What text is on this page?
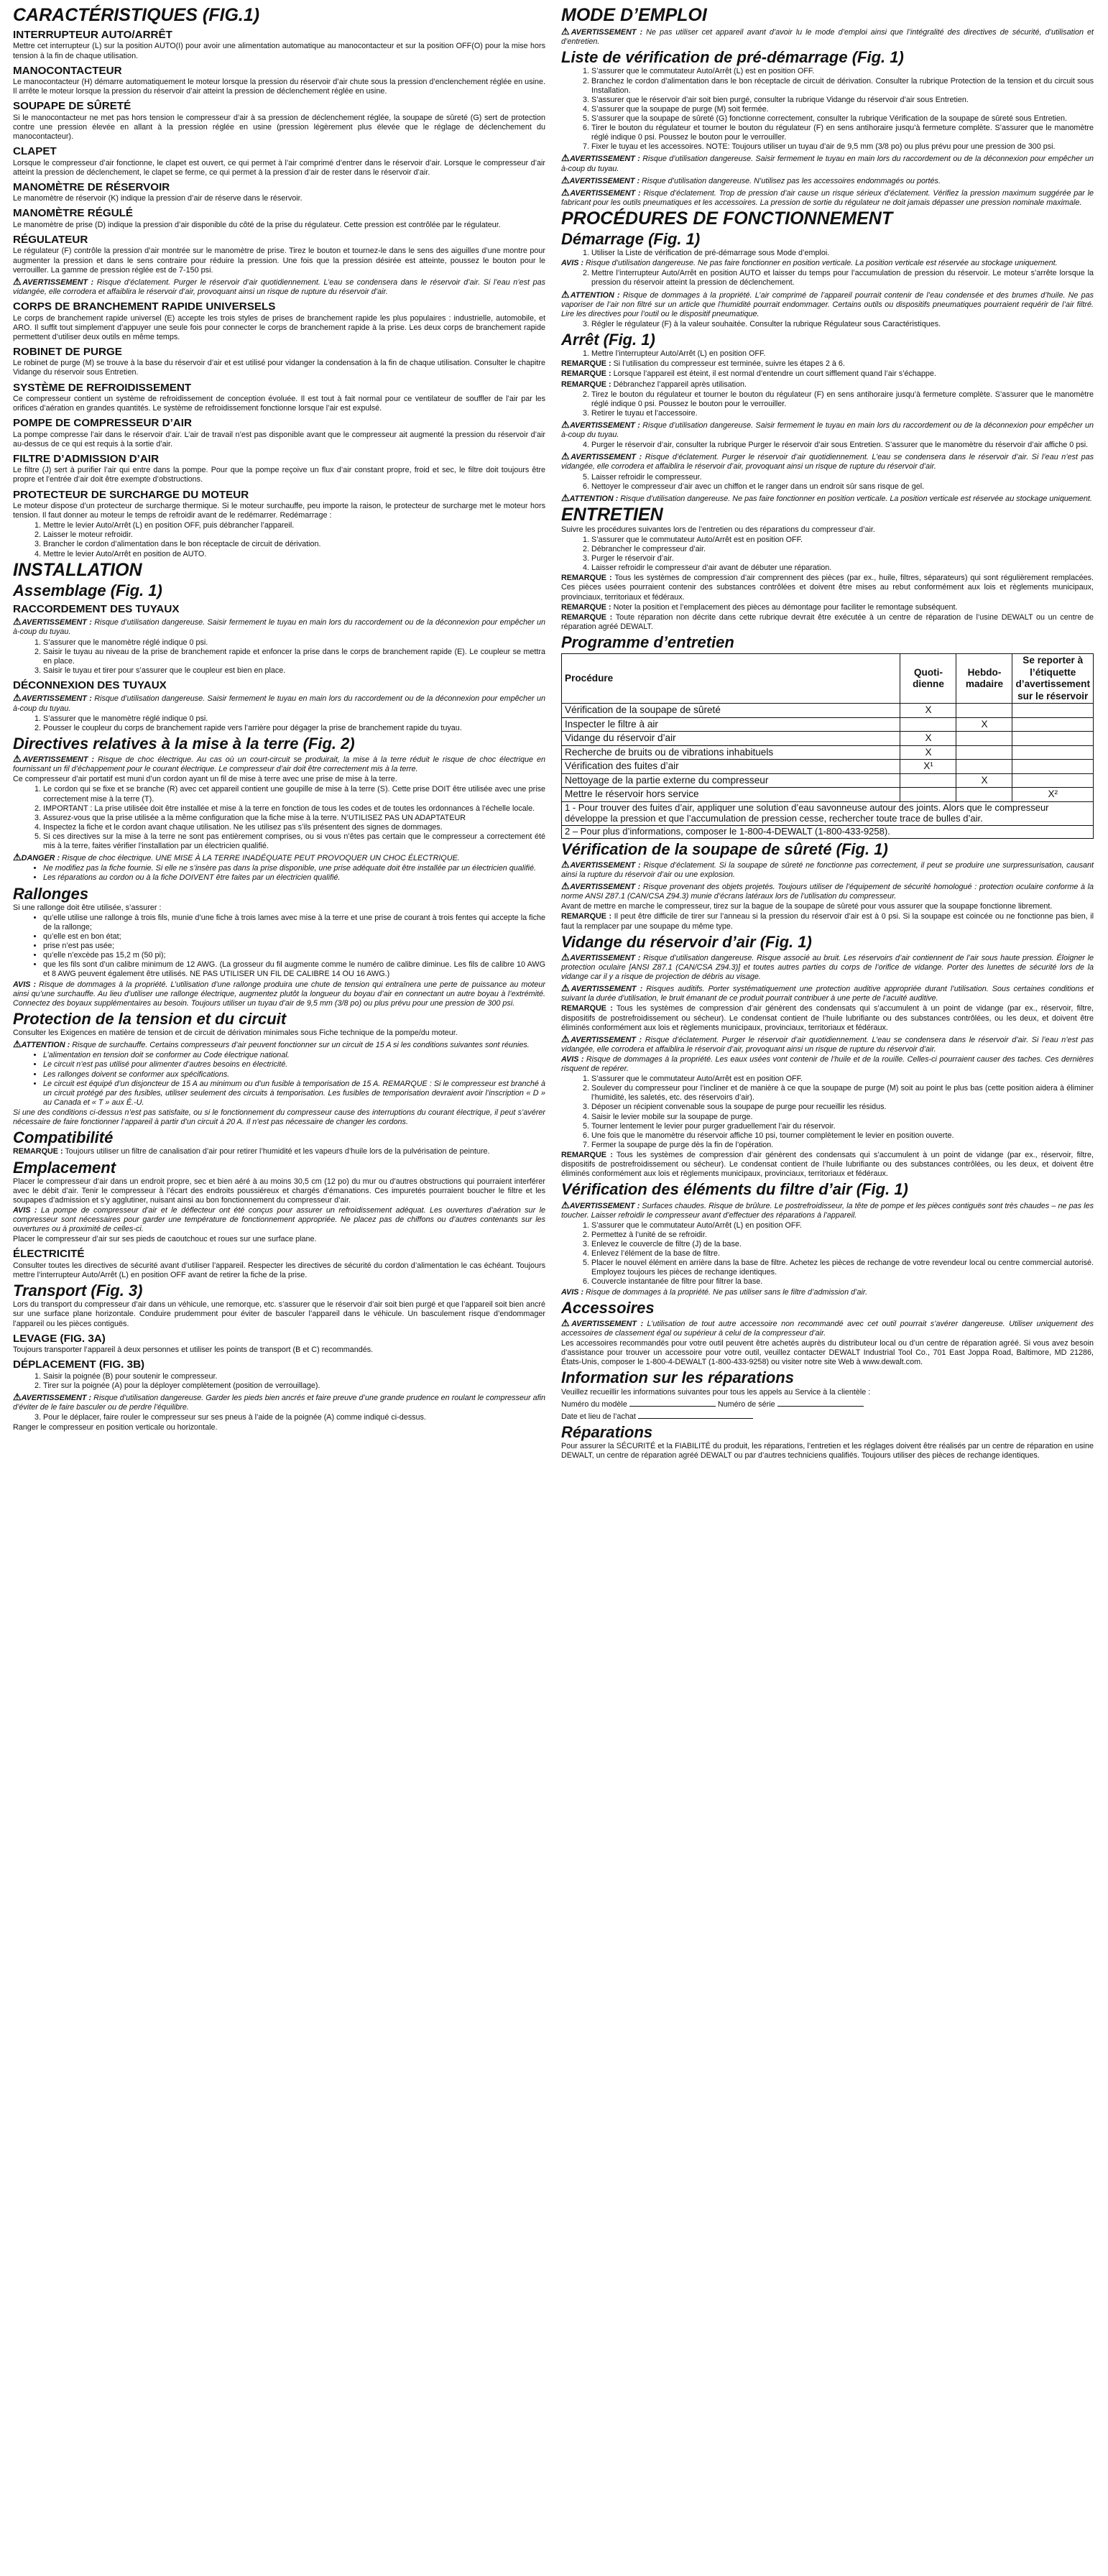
CARACTÉRISTIQUES (FIG.1)
INTERRUPTEUR AUTO/ARRÊT

Mettre cet interrupteur (L) sur la position AUTO(I) pour avoir une alimentation automatique au manocontacteur et sur la position OFF(O) pour la mise hors tension à la fin de chaque utilisation.

MANOCONTACTEUR

Le manocontacteur (H) démarre automatiquement le moteur lorsque la pression du réservoir d’air chute sous la pression d’enclenchement réglée en usine. Il arrête le moteur lorsque la pression du réservoir d’air atteint la pression de déclenchement réglée en usine.

SOUPAPE DE SÛRETÉ

Si le manocontacteur ne met pas hors tension le compresseur d’air à sa pression de déclenchement réglée, la soupape de sûreté (G) sert de protection contre une pression élevée en allant à la pression réglée en usine (pression légèrement plus élevée que le réglage de déclenchement du manocontacteur).

CLAPET

Lorsque le compresseur d’air fonctionne, le clapet est ouvert, ce qui permet à l’air comprimé d’entrer dans le réservoir d’air. Lorsque le compresseur d’air atteint la pression de déclenchement, le clapet se ferme, ce qui permet à la pression d’air de rester dans le réservoir d’air.

MANOMÈTRE DE RÉSERVOIR

Le manomètre de réservoir (K) indique la pression d’air de réserve dans le réservoir.

MANOMÈTRE RÉGULÉ

Le manomètre de prise (D) indique la pression d’air disponible du côté de la prise du régulateur. Cette pression est contrôlée par le régulateur.

RÉGULATEUR

Le régulateur (F) contrôle la pression d’air montrée sur le manomètre de prise. Tirez le bouton et tournez-le dans le sens des aiguilles d’une montre pour augmenter la pression et dans le sens contraire pour réduire la pression. Une fois que la pression désirée est atteinte, poussez le bouton pour le verrouiller. La gamme de pression réglée est de 7-150 psi.

⚠AVERTISSEMENT : Risque d’éclatement. Purger le réservoir d’air quotidiennement. L’eau se condensera dans le réservoir d’air. Si l’eau n’est pas vidangée, elle corrodera et affaiblira le réservoir d’air, provoquant ainsi un risque de rupture du réservoir d’air.

CORPS DE BRANCHEMENT RAPIDE UNIVERSELS

Le corps de branchement rapide universel (E) accepte les trois styles de prises de branchement rapide les plus populaires : industrielle, automobile, et ARO. Il suffit tout simplement d’appuyer une seule fois pour connecter le corps de branchement rapide à la prise. Les deux corps de branchement rapide permettent d’utiliser deux outils en même temps.

ROBINET DE PURGE

Le robinet de purge (M) se trouve à la base du réservoir d’air et est utilisé pour vidanger la condensation à la fin de chaque utilisation. Consulter le chapitre Vidange du réservoir sous Entretien.

SYSTÈME DE REFROIDISSEMENT

Ce compresseur contient un système de refroidissement de conception évoluée. Il est tout à fait normal pour ce ventilateur de souffler de l’air par les orifices d’aération en grandes quantités. Le système de refroidissement fonctionne lorsque l’air est expulsé.

POMPE DE COMPRESSEUR D’AIR

La pompe compresse l’air dans le réservoir d’air. L’air de travail n’est pas disponible avant que le compresseur ait augmenté la pression du réservoir d’air au-dessus de ce qui est requis à la sortie d’air.

FILTRE D’ADMISSION D’AIR

Le filtre (J) sert à purifier l’air qui entre dans la pompe. Pour que la pompe reçoive un flux d’air constant propre, froid et sec, le filtre doit toujours être propre et l’entrée d’air doit être exempte d’obstructions.

PROTECTEUR DE SURCHARGE DU MOTEUR

Le moteur dispose d’un protecteur de surcharge thermique. Si le moteur surchauffe, peu importe la raison, le protecteur de surcharge met le moteur hors tension. Il faut donner au moteur le temps de refroidir avant de le redémarrer. Redémarrage :

1. Mettre le levier Auto/Arrêt (L) en position OFF, puis débrancher l’appareil.
2. Laisser le moteur refroidir.
3. Brancher le cordon d’alimentation dans le bon réceptacle de circuit de dérivation.
4. Mettre le levier Auto/Arrêt en position de AUTO.
INSTALLATION
Assemblage (Fig. 1)
RACCORDEMENT DES TUYAUX

⚠AVERTISSEMENT : Risque d’utilisation dangereuse. Saisir fermement le tuyau en main lors du raccordement ou de la déconnexion pour empêcher un à-coup du tuyau.

1. S’assurer que le manomètre réglé indique 0 psi.
2. Saisir le tuyau au niveau de la prise de branchement rapide et enfoncer la prise dans le corps de branchement rapide (E). Le coupleur se mettra en place.
3. Saisir le tuyau et tirer pour s’assurer que le coupleur est bien en place.
DÉCONNEXION DES TUYAUX

⚠AVERTISSEMENT : Risque d’utilisation dangereuse. Saisir fermement le tuyau en main lors du raccordement ou de la déconnexion pour empêcher un à-coup du tuyau.

1. S’assurer que le manomètre réglé indique 0 psi.
2. Pousser le coupleur du corps de branchement rapide vers l’arrière pour dégager la prise de branchement rapide du tuyau.
Directives relatives à la mise à la terre (Fig. 2)

⚠AVERTISSEMENT : Risque de choc électrique. Au cas où un court-circuit se produirait, la mise à la terre réduit le risque de choc électrique en fournissant un fil d’échappement pour le courant électrique. Le compresseur d’air doit être correctement mis à la terre.

Ce compresseur d’air portatif est muni d’un cordon ayant un fil de mise à terre avec une prise de mise à la terre.

1. Le cordon qui se fixe et se branche (R) avec cet appareil contient une goupille de mise à la terre (S). Cette prise DOIT être utilisée avec une prise correctement mise à la terre (T).
2. IMPORTANT : La prise utilisée doit être installée et mise à la terre en fonction de tous les codes et de toutes les ordonnances à l’échelle locale.
3. Assurez-vous que la prise utilisée a la même configuration que la fiche mise à la terre. N’UTILISEZ PAS UN ADAPTATEUR
4. Inspectez la fiche et le cordon avant chaque utilisation. Ne les utilisez pas s’ils présentent des signes de dommages.
5. Si ces directives sur la mise à la terre ne sont pas entièrement comprises, ou si vous n’êtes pas certain que le compresseur a correctement été mis à la terre, faites vérifier l’installation par un électricien qualifié.

⚠DANGER : Risque de choc électrique. UNE MISE À LA TERRE INADÉQUATE PEUT PROVOQUER UN CHOC ÉLECTRIQUE.

• Ne modifiez pas la fiche fournie. Si elle ne s’insère pas dans la prise disponible, une prise adéquate doit être installée par un électricien qualifié.
• Les réparations au cordon ou à la fiche DOIVENT être faites par un électricien qualifié.
Rallonges

Si une rallonge doit être utilisée, s’assurer :

• qu’elle utilise une rallonge à trois fils, munie d’une fiche à trois lames avec mise à la terre et une prise de courant à trois fentes qui accepte la fiche de la rallonge;
• qu’elle est en bon état;
• prise n’est pas usée;
• qu’elle n’excède pas 15,2 m (50 pi);
• que les fils sont d’un calibre minimum de 12 AWG. (La grosseur du fil augmente comme le numéro de calibre diminue. Les fils de calibre 10 AWG et 8 AWG peuvent également être utilisés. NE PAS UTILISER UN FIL DE CALIBRE 14 OU 16 AWG.)

AVIS : Risque de dommages à la propriété. L’utilisation d’une rallonge produira une chute de tension qui entraînera une perte de puissance au moteur ainsi qu’une surchauffe. Au lieu d’utiliser une rallonge électrique, augmentez plutôt la longueur du boyau d’air en connectant un autre boyau à l’extrémité. Connectez des boyaux supplémentaires au besoin. Toujours utiliser un tuyau d’air de 9,5 mm (3/8 po) ou plus prévu pour une pression de 300 psi.

Protection de la tension et du circuit

Consulter les Exigences en matière de tension et de circuit de dérivation minimales sous Fiche technique de la pompe/du moteur.

⚠ATTENTION : Risque de surchauffe. Certains compresseurs d’air peuvent fonctionner sur un circuit de 15 A si les conditions suivantes sont réunies.

• L’alimentation en tension doit se conformer au Code électrique national.
• Le circuit n’est pas utilisé pour alimenter d’autres besoins en électricité.
• Les rallonges doivent se conformer aux spécifications.
• Le circuit est équipé d’un disjoncteur de 15 A au minimum ou d’un fusible à temporisation de 15 A. REMARQUE : Si le compresseur est branché à un circuit protégé par des fusibles, utiliser seulement des circuits à temporisation. Les fusibles de temporisation devraient avoir l’inscription « D » au Canada et « T » aux É.-U.

Si une des conditions ci-dessus n’est pas satisfaite, ou si le fonctionnement du compresseur cause des interruptions du courant électrique, il peut s’avérer nécessaire de faire fonctionner l’appareil à partir d’un circuit à 20 A. Il n’est pas nécessaire de changer les cordons.

Compatibilité

REMARQUE : Toujours utiliser un filtre de canalisation d’air pour retirer l’humidité et les vapeurs d’huile lors de la pulvérisation de peinture.

Emplacement

Placer le compresseur d’air dans un endroit propre, sec et bien aéré à au moins 30,5 cm (12 po) du mur ou d’autres obstructions qui pourraient interférer avec le débit d’air. Tenir le compresseur à l’écart des endroits poussiéreux et chargés d’émanations. Ces impuretés pourraient boucher le filtre et les soupapes d’admission et s’y agglutiner, nuisant ainsi au bon fonctionnement du compresseur d’air.

AVIS : La pompe de compresseur d’air et le déflecteur ont été conçus pour assurer un refroidissement adéquat. Les ouvertures d’aération sur le compresseur sont nécessaires pour garder une température de fonctionnement appropriée. Ne placez pas de chiffons ou d’autres contenants sur les ouvertures ou à proximité de celles-ci.

Placer le compresseur d’air sur ses pieds de caoutchouc et roues sur une surface plane.

ÉLECTRICITÉ

Consulter toutes les directives de sécurité avant d’utiliser l’appareil. Respecter les directives de sécurité du cordon d’alimentation le cas échéant. Toujours mettre l’interrupteur Auto/Arrêt (L) en position OFF avant de retirer la fiche de la prise.

Transport (Fig. 3)

Lors du transport du compresseur d’air dans un véhicule, une remorque, etc. s’assurer que le réservoir d’air soit bien purgé et que l’appareil soit bien ancré sur une surface plane horizontale. Conduire prudemment pour éviter de basculer l’appareil dans le véhicule. Un basculement risque d’endommager l’appareil ou les pièces contiguës.

LEVAGE (FIG. 3A)

Toujours transporter l’appareil à deux personnes et utiliser les points de transport (B et C) recommandés.

DÉPLACEMENT (FIG. 3B)
1. Saisir la poignée (B) pour soutenir le compresseur.
2. Tirer sur la poignée (A) pour la déployer complètement (position de verrouillage).

⚠AVERTISSEMENT : Risque d’utilisation dangereuse. Garder les pieds bien ancrés et faire preuve d’une grande prudence en roulant le compresseur afin d’éviter de le faire basculer ou de perdre l’équilibre.

3. Pour le déplacer, faire rouler le compresseur sur ses pneus à l’aide de la poignée (A) comme indiqué ci-dessus.

Ranger le compresseur en position verticale ou horizontale.

MODE D’EMPLOI

⚠AVERTISSEMENT : Ne pas utiliser cet appareil avant d’avoir lu le mode d’emploi ainsi que l’intégralité des directives de sécurité, d’utilisation et d’entretien.

Liste de vérification de pré-démarrage (Fig. 1)
1. S’assurer que le commutateur Auto/Arrêt (L) est en position OFF.
2. Branchez le cordon d’alimentation dans le bon réceptacle de circuit de dérivation. Consulter la rubrique Protection de la tension et du circuit sous Installation.
3. S’assurer que le réservoir d’air soit bien purgé, consulter la rubrique Vidange du réservoir d’air sous Entretien.
4. S’assurer que la soupape de purge (M) soit fermée.
5. S’assurer que la soupape de sûreté (G) fonctionne correctement, consulter la rubrique Vérification de la soupape de sûreté sous Entretien.
6. Tirer le bouton du régulateur et tourner le bouton du régulateur (F) en sens antihoraire jusqu’à fermeture complète. S’assurer que le manomètre réglé indique 0 psi. Poussez le bouton pour le verrouiller.
7. Fixer le tuyau et les accessoires. NOTE: Toujours utiliser un tuyau d’air de 9,5 mm (3/8 po) ou plus prévu pour une pression de 300 psi.

⚠AVERTISSEMENT : Risque d’utilisation dangereuse. Saisir fermement le tuyau en main lors du raccordement ou de la déconnexion pour empêcher un à-coup du tuyau.

⚠AVERTISSEMENT : Risque d’utilisation dangereuse. N’utilisez pas les accessoires endommagés ou portés.

⚠AVERTISSEMENT : Risque d’éclatement. Trop de pression d’air cause un risque sérieux d’éclatement. Vérifiez la pression maximum suggérée par le fabricant pour les outils pneumatiques et les accessoires. La pression de sortie du régulateur ne doit jamais dépasser une pression nominale maximale.

PROCÉDURES DE FONCTIONNEMENT
Démarrage (Fig. 1)
1. Utiliser la Liste de vérification de pré-démarrage sous Mode d’emploi.

AVIS : Risque d’utilisation dangereuse. Ne pas faire fonctionner en position verticale. La position verticale est réservée au stockage uniquement.

2. Mettre l’interrupteur Auto/Arrêt en position AUTO et laisser du temps pour l’accumulation de pression du réservoir. Le moteur s’arrête lorsque la pression du réservoir atteint la pression de déclenchement.

⚠ATTENTION : Risque de dommages à la propriété. L’air comprimé de l’appareil pourrait contenir de l’eau condensée et des brumes d’huile. Ne pas vaporiser de l’air non filtré sur un article que l’humidité pourrait endommager. Certains outils ou dispositifs pneumatiques pourraient requérir de l’air filtré. Lire les directives pour l’outil ou le dispositif pneumatique.

3. Régler le régulateur (F) à la valeur souhaitée. Consulter la rubrique Régulateur sous Caractéristiques.
Arrêt (Fig. 1)
1. Mettre l’interrupteur Auto/Arrêt (L) en position OFF.

REMARQUE : Si l’utilisation du compresseur est terminée, suivre les étapes 2 à 6.

REMARQUE : Lorsque l’appareil est éteint, il est normal d’entendre un court sifflement quand l’air s’échappe.

REMARQUE : Débranchez l’appareil après utilisation.

2. Tirez le bouton du régulateur et tourner le bouton du régulateur (F) en sens antihoraire jusqu’à fermeture complète. S’assurer que le manomètre réglé indique 0 psi. Poussez le bouton pour le verrouiller.
3. Retirer le tuyau et l’accessoire.

⚠AVERTISSEMENT : Risque d’utilisation dangereuse. Saisir fermement le tuyau en main lors du raccordement ou de la déconnexion pour empêcher un à-coup du tuyau.

4. Purger le réservoir d’air, consulter la rubrique Purger le réservoir d’air sous Entretien. S’assurer que le manomètre du réservoir d’air affiche 0 psi.

⚠AVERTISSEMENT : Risque d’éclatement. Purger le réservoir d’air quotidiennement. L’eau se condensera dans le réservoir d’air. Si l’eau n’est pas vidangée, elle corrodera et affaiblira le réservoir d’air, provoquant ainsi un risque de rupture du réservoir d’air.

5. Laisser refroidir le compresseur.
6. Nettoyer le compresseur d’air avec un chiffon et le ranger dans un endroit sûr sans risque de gel.

⚠ATTENTION : Risque d’utilisation dangereuse. Ne pas faire fonctionner en position verticale. La position verticale est réservée au stockage uniquement.

ENTRETIEN

Suivre les procédures suivantes lors de l’entretien ou des réparations du compresseur d’air.

1. S’assurer que le commutateur Auto/Arrêt est en position OFF.
2. Débrancher le compresseur d’air.
3. Purger le réservoir d’air.
4. Laisser refroidir le compresseur d’air avant de débuter une réparation.

REMARQUE : Tous les systèmes de compression d’air comprennent des pièces (par ex., huile, filtres, séparateurs) qui sont régulièrement remplacées. Ces pièces usées pourraient contenir des substances contrôlées et doivent être mises au rebut conformément aux lois et règlements municipaux, provinciaux, territoriaux et fédéraux.

REMARQUE : Noter la position et l’emplacement des pièces au démontage pour faciliter le remontage subséquent.

REMARQUE : Toute réparation non décrite dans cette rubrique devrait être exécutée à un centre de réparation de l’usine DEWALT ou un centre de réparation agréé DEWALT.

Programme d’entretien
Procédure	Quoti-dienne	Hebdo-madaire	Se reporter à l’étiquette d’avertissement sur le réservoir
Vérification de la soupape de sûreté	X		
Inspecter le filtre à air		X	
Vidange du réservoir d’air	X		
Recherche de bruits ou de vibrations inhabituels	X		
Vérification des fuites d’air	X¹		
Nettoyage de la partie externe du compresseur		X	
Mettre le réservoir hors service			X²
1 - Pour trouver des fuites d’air, appliquer une solution d’eau savonneuse autour des joints. Alors que le compresseur développe la pression et que l’accumulation de pression cesse, rechercher toute trace de bulles d’air.			
2 – Pour plus d’informations, composer le 1-800-4-DEWALT (1-800-433-9258).			
Vérification de la soupape de sûreté (Fig. 1)

⚠AVERTISSEMENT : Risque d’éclatement. Si la soupape de sûreté ne fonctionne pas correctement, il peut se produire une surpressurisation, causant ainsi la rupture du réservoir d’air ou une explosion.

⚠AVERTISSEMENT : Risque provenant des objets projetés. Toujours utiliser de l’équipement de sécurité homologué : protection oculaire conforme à la norme ANSI Z87.1 (CAN/CSA Z94.3) munie d’écrans latéraux lors de l’utilisation du compresseur.

Avant de mettre en marche le compresseur, tirez sur la bague de la soupape de sûreté pour vous assurer que la soupape fonctionne librement.

REMARQUE : Il peut être difficile de tirer sur l’anneau si la pression du réservoir d’air est à 0 psi. Si la soupape est coincée ou ne fonctionne pas bien, il faut la remplacer par une soupape du même type.

Vidange du réservoir d’air (Fig. 1)

⚠AVERTISSEMENT : Risque d’utilisation dangereuse. Risque associé au bruit. Les réservoirs d’air contiennent de l’air sous haute pression. Éloigner le protection oculaire [ANSI Z87.1 (CAN/CSA Z94.3)] et toutes autres parties du corps de l’orifice de vidange. Porter des lunettes de sécurité lors de la vidange car il y a risque de projection de débris au visage.

⚠AVERTISSEMENT : Risques auditifs. Porter systématiquement une protection auditive appropriée durant l’utilisation. Sous certaines conditions et suivant la durée d’utilisation, le bruit émanant de ce produit pourrait contribuer à une perte de l’acuité auditive.

REMARQUE : Tous les systèmes de compression d’air génèrent des condensats qui s’accumulent à un point de vidange (par ex., réservoir, filtre, dispositifs de postrefroidissement ou sécheur). Le condensat contient de l’huile lubrifiante ou des substances contrôlées, ou les deux, et doivent être éliminés conformément aux lois et règlements municipaux, provinciaux, territoriaux et fédéraux.

⚠AVERTISSEMENT : Risque d’éclatement. Purger le réservoir d’air quotidiennement. L’eau se condensera dans le réservoir d’air. Si l’eau n’est pas vidangée, elle corrodera et affaiblira le réservoir d’air, provoquant ainsi un risque de rupture du réservoir d’air.

AVIS : Risque de dommages à la propriété. Les eaux usées vont contenir de l’huile et de la rouille. Celles-ci pourraient causer des taches. Ces dernières risquent de repérer.

1. S’assurer que le commutateur Auto/Arrêt est en position OFF.
2. Soulever du compresseur pour l’incliner et de manière à ce que la soupape de purge (M) soit au point le plus bas (cette position aidera à éliminer l’humidité, les saletés, etc. des réservoirs d’air).
3. Déposer un récipient convenable sous la soupape de purge pour recueillir les résidus.
4. Saisir le levier mobile sur la soupape de purge.
5. Tourner lentement le levier pour purger graduellement l’air du réservoir.
6. Une fois que le manomètre du réservoir affiche 10 psi, tourner complètement le levier en position ouverte.
7. Fermer la soupape de purge dès la fin de l’opération.

REMARQUE : Tous les systèmes de compression d’air génèrent des condensats qui s’accumulent à un point de vidange (par ex., réservoir, filtre, dispositifs de postrefroidissement ou sécheur). Le condensat contient de l’huile lubrifiante ou des substances contrôlées, ou les deux, et doivent être éliminés conformément aux lois et règlements municipaux, provinciaux, territoriaux et fédéraux.

Vérification des éléments du filtre d’air (Fig. 1)

⚠AVERTISSEMENT : Surfaces chaudes. Risque de brûlure. Le postrefroidisseur, la tête de pompe et les pièces contiguës sont très chaudes – ne pas les toucher. Laisser refroidir le compresseur avant d’effectuer des réparations à l’appareil.

1. S’assurer que le commutateur Auto/Arrêt (L) en position OFF.
2. Permettez à l’unité de se refroidir.
3. Enlevez le couvercle de filtre (J) de la base.
4. Enlevez l’élément de la base de filtre.
5. Placer le nouvel élément en arrière dans la base de filtre. Achetez les pièces de rechange de votre revendeur local ou centre commercial autorisé. Employez toujours les pièces de rechange identiques.
6. Couvercle instantanée de filtre pour filtrer la base.

AVIS : Risque de dommages à la propriété. Ne pas utiliser sans le filtre d’admission d’air.

Accessoires

⚠AVERTISSEMENT : L’utilisation de tout autre accessoire non recommandé avec cet outil pourrait s’avérer dangereuse. Utiliser uniquement des accessoires de classement égal ou supérieur à celui de la compresseur d’air.

Les accessoires recommandés pour votre outil peuvent être achetés auprès du distributeur local ou d’un centre de réparation agréé. Si vous avez besoin d’assistance pour trouver un accessoire pour votre outil, veuillez contacter DEWALT Industrial Tool Co., 701 East Joppa Road, Baltimore, MD 21286, États-Unis, composer le 1-800-4-DEWALT (1-800-433-9258) ou visiter notre site Web à www.dewalt.com.

Information sur les réparations

Veuillez recueillir les informations suivantes pour tous les appels au Service à la clientèle :

Numéro du modèle	Numéro de série

Date et lieu de l’achat

Réparations

Pour assurer la SÉCURITÉ et la FIABILITÉ du produit, les réparations, l’entretien et les réglages doivent être réalisés par un centre de réparation en usine DEWALT, un centre de réparation agréé DEWALT ou par d’autres techniciens qualifiés. Toujours utiliser des pièces de rechange identiques.
